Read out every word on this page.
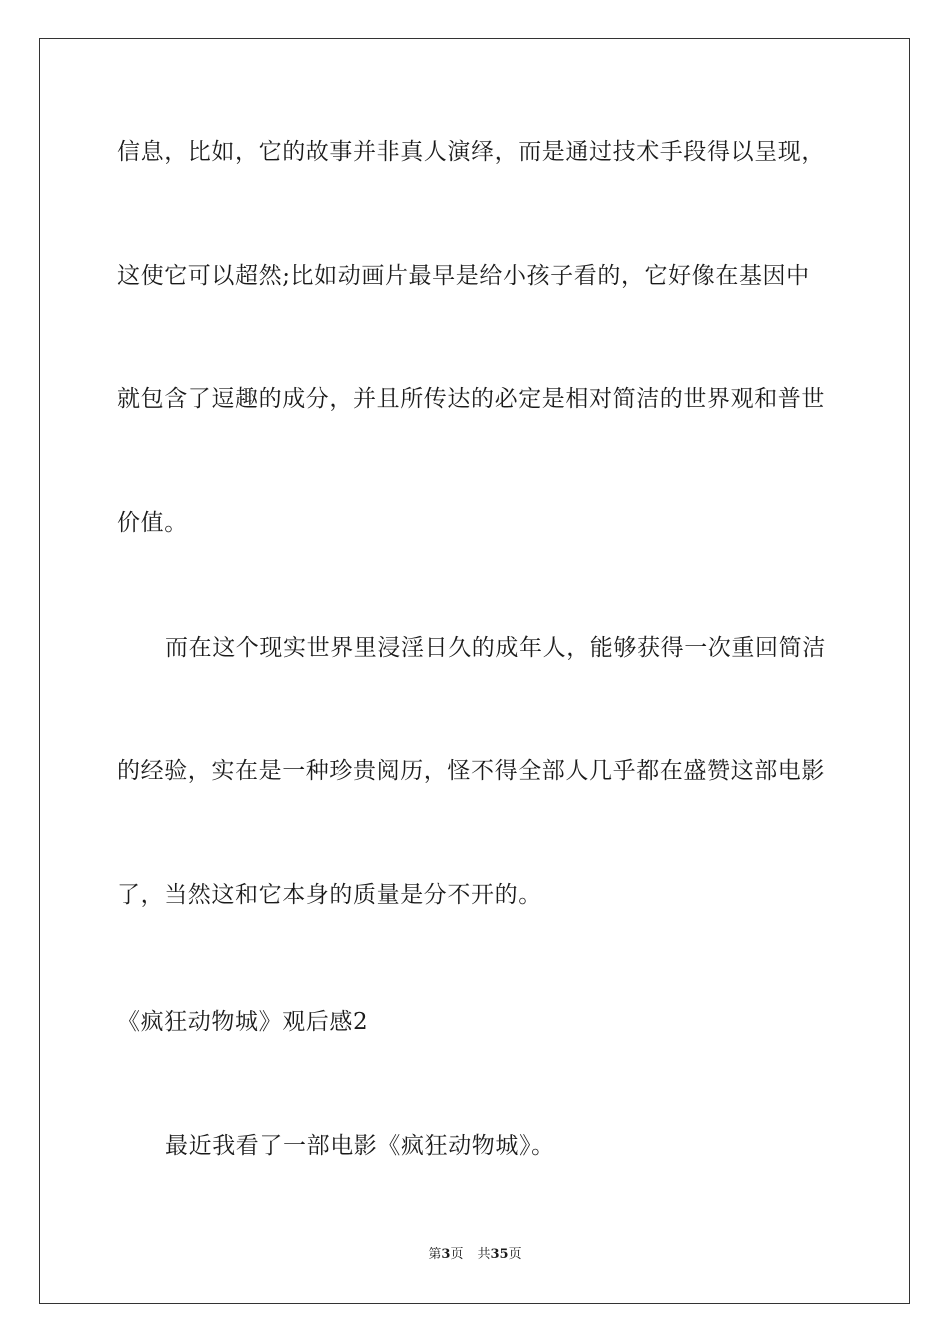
信息，比如，它的故事并非真人演绎，而是通过技术手段得以呈现，
这使它可以超然;比如动画片最早是给小孩子看的，它好像在基因中
就包含了逗趣的成分，并且所传达的必定是相对简洁的世界观和普世
价值。
而在这个现实世界里浸淫日久的成年人，能够获得一次重回简洁
的经验，实在是一种珍贵阅历，怪不得全部人几乎都在盛赞这部电影
了，当然这和它本身的质量是分不开的。
《疯狂动物城》观后感2
最近我看了一部电影《疯狂动物城》。
第3页 共35页
